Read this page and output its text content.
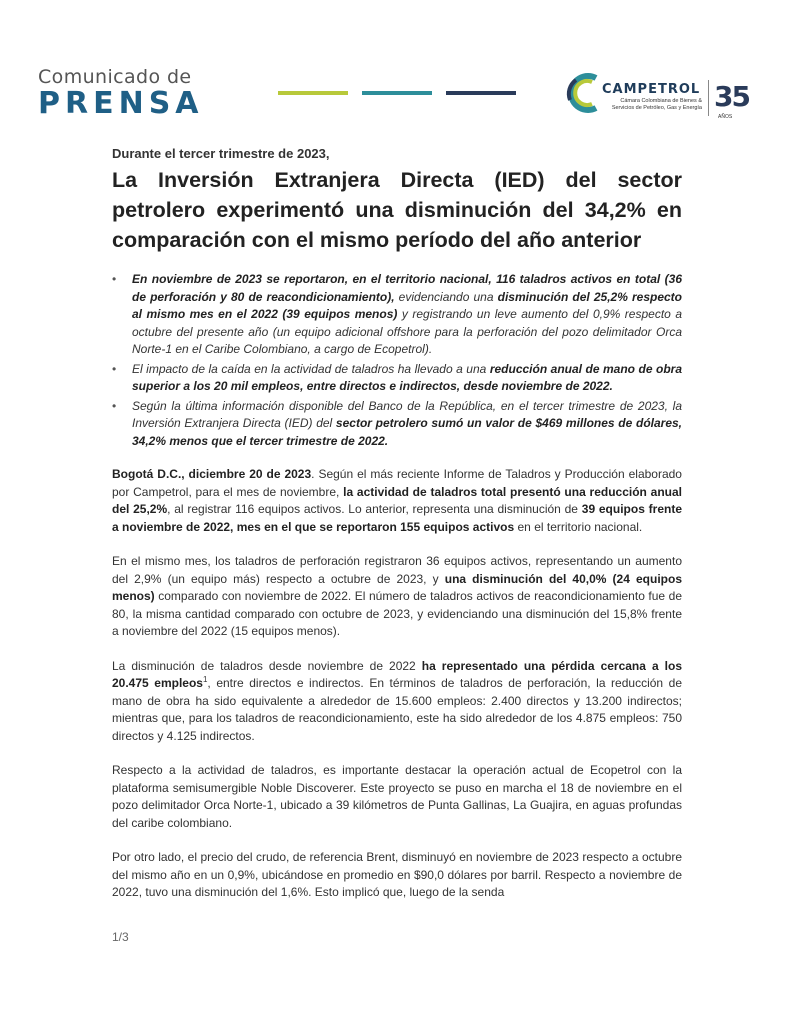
Comunicado de
PRENSA	CAMPETROL
Cámara Colombiana de Bienes & Servicios de Petróleo, Gas y Energía 35
AÑOS
Durante el tercer trimestre de 2023,
La Inversión Extranjera Directa (IED) del sector petrolero experimentó una disminución del 34,2% en comparación con el mismo período del año anterior
• En noviembre de 2023 se reportaron, en el territorio nacional, 116 taladros activos en total (36 de perforación y 80 de reacondicionamiento), evidenciando una disminución del 25,2% respecto al mismo mes en el 2022 (39 equipos menos) y registrando un leve aumento del 0,9% respecto a octubre del presente año (un equipo adicional offshore para la perforación del pozo delimitador Orca Norte-1 en el Caribe Colombiano, a cargo de Ecopetrol).
• El impacto de la caída en la actividad de taladros ha llevado a una reducción anual de mano de obra superior a los 20 mil empleos, entre directos e indirectos, desde noviembre de 2022.
• Según la última información disponible del Banco de la República, en el tercer trimestre de 2023, la Inversión Extranjera Directa (IED) del sector petrolero sumó un valor de $469 millones de dólares, 34,2% menos que el tercer trimestre de 2022.

Bogotá D.C., diciembre 20 de 2023. Según el más reciente Informe de Taladros y Producción elaborado por Campetrol, para el mes de noviembre, la actividad de taladros total presentó una reducción anual del 25,2%, al registrar 116 equipos activos. Lo anterior, representa una disminución de 39 equipos frente a noviembre de 2022, mes en el que se reportaron 155 equipos activos en el territorio nacional.

En el mismo mes, los taladros de perforación registraron 36 equipos activos, representando un aumento del 2,9% (un equipo más) respecto a octubre de 2023, y una disminución del 40,0% (24 equipos menos) comparado con noviembre de 2022. El número de taladros activos de reacondicionamiento fue de 80, la misma cantidad comparado con octubre de 2023, y evidenciando una disminución del 15,8% frente a noviembre del 2022 (15 equipos menos).

La disminución de taladros desde noviembre de 2022 ha representado una pérdida cercana a los 20.475 empleos$^1$, entre directos e indirectos. En términos de taladros de perforación, la reducción de mano de obra ha sido equivalente a alrededor de 15.600 empleos: 2.400 directos y 13.200 indirectos; mientras que, para los taladros de reacondicionamiento, este ha sido alrededor de los 4.875 empleos: 750 directos y 4.125 indirectos.

Respecto a la actividad de taladros, es importante destacar la operación actual de Ecopetrol con la plataforma semisumergible Noble Discoverer. Este proyecto se puso en marcha el 18 de noviembre en el pozo delimitador Orca Norte-1, ubicado a 39 kilómetros de Punta Gallinas, La Guajira, en aguas profundas del caribe colombiano.

Por otro lado, el precio del crudo, de referencia Brent, disminuyó en noviembre de 2023 respecto a octubre del mismo año en un 0,9%, ubicándose en promedio en $90,0 dólares por barril. Respecto a noviembre de 2022, tuvo una disminución del 1,6%. Esto implicó que, luego de la senda

1/3
